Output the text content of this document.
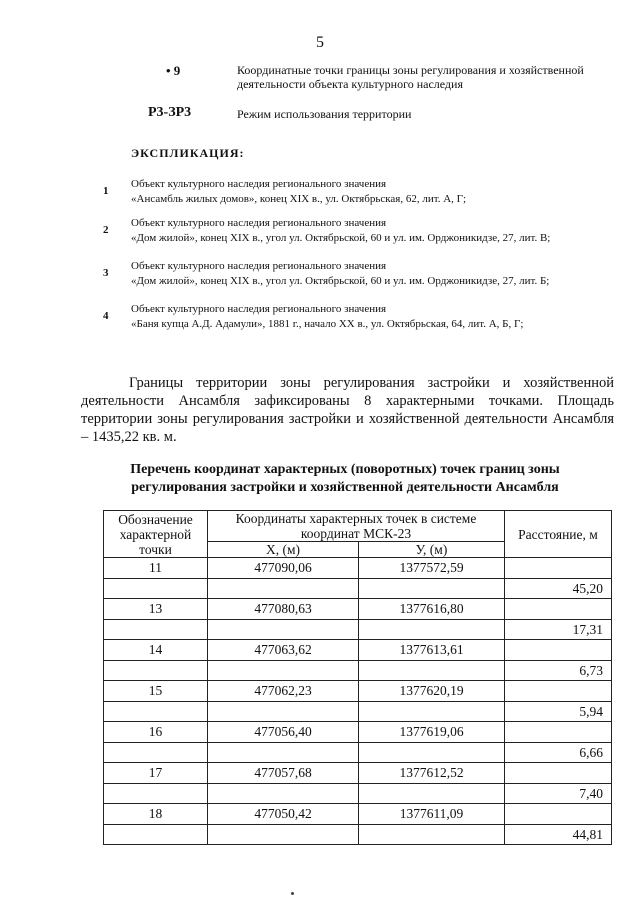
5
• 9	Координатные точки границы зоны регулирования и хозяйственной деятельности объекта культурного наследия
Р3-ЗР3	Режим использования территории
ЭКСПЛИКАЦИЯ:
1
Объект культурного наследия регионального значения
«Ансамбль жилых домов», конец XIX в., ул. Октябрьская, 62, лит. А, Г;
2
Объект культурного наследия регионального значения
«Дом жилой», конец XIX в., угол ул. Октябрьской, 60 и ул. им. Орджоникидзе, 27, лит. В;
3
Объект культурного наследия регионального значения
«Дом жилой», конец XIX в., угол ул. Октябрьской, 60 и ул. им. Орджоникидзе, 27, лит. Б;
4
Объект культурного наследия регионального значения
«Баня купца А.Д. Адамули», 1881 г., начало XX в., ул. Октябрьская, 64, лит. А, Б, Г;
Границы территории зоны регулирования застройки и хозяйственной деятельности Ансамбля зафиксированы 8 характерными точками. Площадь территории зоны регулирования застройки и хозяйственной деятельности Ансамбля – 1435,22 кв. м.
Перечень координат характерных (поворотных) точек границ зоны регулирования застройки и хозяйственной деятельности Ансамбля
Обозначение характерной точки	Координаты характерных точек в системе координат МСК-23		Расстояние, м
	X, (м)	У, (м)	
11	477090,06	1377572,59	
			45,20
13	477080,63	1377616,80	
			17,31
14	477063,62	1377613,61	
			6,73
15	477062,23	1377620,19	
			5,94
16	477056,40	1377619,06	
			6,66
17	477057,68	1377612,52	
			7,40
18	477050,42	1377611,09	
			44,81
